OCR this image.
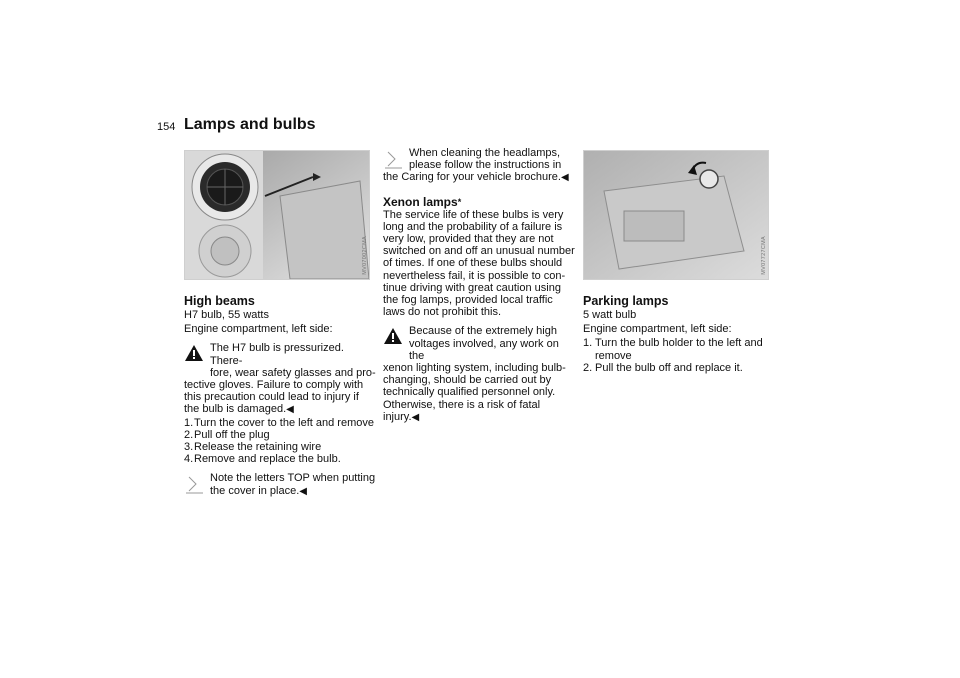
154 Lamps and bulbs
MV07002CMA	MV07727CMA

High beams

H7 bulb, 55 watts

Engine compartment, left side:

The H7 bulb is pressurized. There-
fore, wear safety glasses and pro-
tective gloves. Failure to comply with this precaution could lead to injury if the bulb is damaged.◀
1. Turn the cover to the left and remove
2. Pull off the plug
3. Release the retaining wire
4. Remove and replace the bulb.
Note the letters TOP when putting
the cover in place.◀
When cleaning the headlamps,
please follow the instructions in
the Caring for your vehicle brochure.◀

Xenon lamps*

The service life of these bulbs is very long and the probability of a failure is very low, provided that they are not switched on and off an unusual number of times. If one of these bulbs should nevertheless fail, it is possible to con-tinue driving with great caution using the fog lamps, provided local traffic laws do not prohibit this.

Because of the extremely high
voltages involved, any work on the
xenon lighting system, including bulb-changing, should be carried out by technically qualified personnel only. Otherwise, there is a risk of fatal injury.◀

Parking lamps

5 watt bulb

Engine compartment, left side:

1. Turn the bulb holder to the left and remove
2. Pull the bulb off and replace it.
